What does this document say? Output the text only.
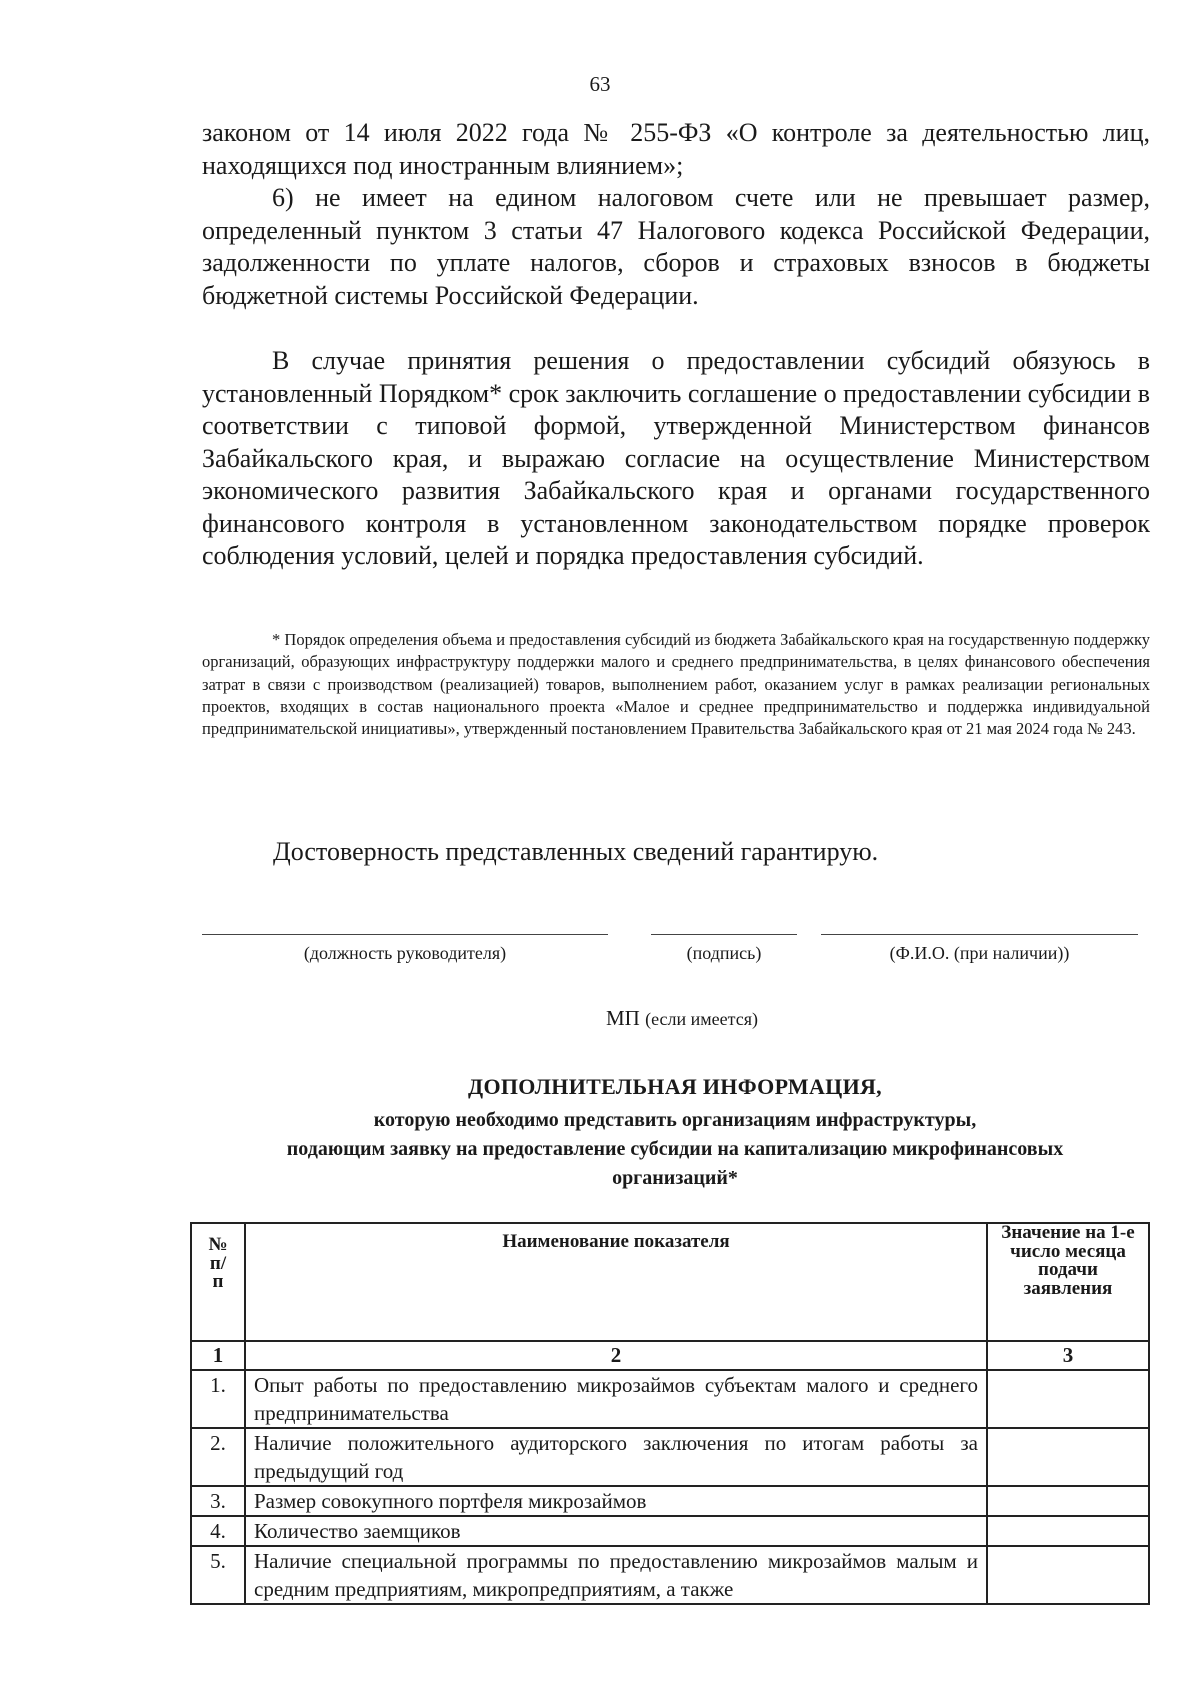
63

законом от 14 июля 2022 года № 255-ФЗ «О контроле за деятельностью лиц, находящихся под иностранным влиянием»;

6) не имеет на едином налоговом счете или не превышает размер, определенный пунктом 3 статьи 47 Налогового кодекса Российской Федерации, задолженности по уплате налогов, сборов и страховых взносов в бюджеты бюджетной системы Российской Федерации.

В случае принятия решения о предоставлении субсидий обязуюсь в установленный Порядком* срок заключить соглашение о предоставлении субсидии в соответствии с типовой формой, утвержденной Министерством финансов Забайкальского края, и выражаю согласие на осуществление Министерством экономического развития Забайкальского края и органами государственного финансового контроля в установленном законодательством порядке проверок соблюдения условий, целей и порядка предоставления субсидий.

* Порядок определения объема и предоставления субсидий из бюджета Забайкальского края на государственную поддержку организаций, образующих инфраструктуру поддержки малого и среднего предпринимательства, в целях финансового обеспечения затрат в связи с производством (реализацией) товаров, выполнением работ, оказанием услуг в рамках реализации региональных проектов, входящих в состав национального проекта «Малое и среднее предпринимательство и поддержка индивидуальной предпринимательской инициативы», утвержденный постановлением Правительства Забайкальского края от 21 мая 2024 года № 243.

Достоверность представленных сведений гарантирую.

(должность руководителя)	(подпись)	(Ф.И.О. (при наличии))
МП (если имеется)

ДОПОЛНИТЕЛЬНАЯ ИНФОРМАЦИЯ,

которую необходимо представить организациям инфраструктуры,
подающим заявку на предоставление субсидии на капитализацию микрофинансовых
организаций*
№
п/
п	Наименование показателя	Значение на 1-е число месяца подачи заявления
1	2	3
1.	Опыт работы по предоставлению микрозаймов субъектам малого и среднего предпринимательства	
2.	Наличие положительного аудиторского заключения по итогам работы за предыдущий год	
3.	Размер совокупного портфеля микрозаймов	
4.	Количество заемщиков	
5.	Наличие специальной программы по предоставлению микрозаймов малым и средним предприятиям, микропредприятиям, а также	
